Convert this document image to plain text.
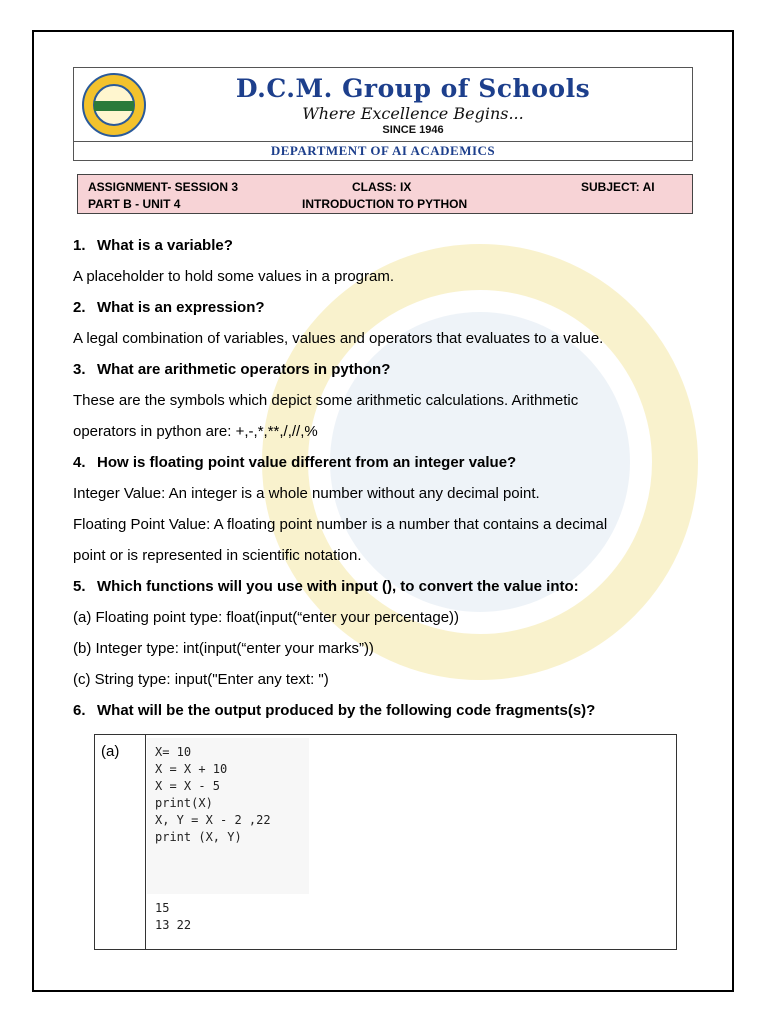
D.C.M. Group of Schools
Where Excellence Begins...
SINCE 1946
DEPARTMENT OF AI ACADEMICS
ASSIGNMENT- SESSION 3	CLASS: IX	SUBJECT: AI
PART B - UNIT 4	INTRODUCTION TO PYTHON
1. What is a variable?
A placeholder to hold some values in a program.
2. What is an expression?
A legal combination of variables, values and operators that evaluates to a value.
3. What are arithmetic operators in python?
These are the symbols which depict some arithmetic calculations. Arithmetic
operators in python are: +,-,*,**,/,//,%
4. How is floating point value different from an integer value?
Integer Value: An integer is a whole number without any decimal point.
Floating Point Value: A floating point number is a number that contains a decimal
point or is represented in scientific notation.
5. Which functions will you use with input (), to convert the value into:
(a) Floating point type: float(input(“enter your percentage))
(b) Integer type: int(input(“enter your marks”))
(c) String type: input("Enter any text: ")
6. What will be the output produced by the following code fragments(s)?
(a)	X= 10
X = X + 10
X = X - 5
print(X)
X, Y = X - 2 ,22
print (X, Y)
15
13 22
